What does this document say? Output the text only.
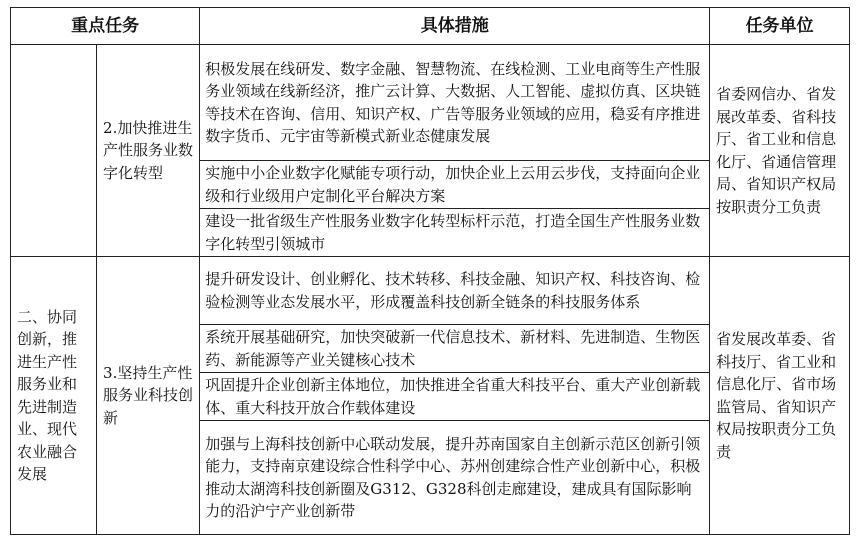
重点任务		具体措施	任务单位
	2.加快推进生产性服务业数字化转型	积极发展在线研发、数字金融、智慧物流、在线检测、工业电商等生产性服务业领域在线新经济，推广云计算、大数据、人工智能、虚拟仿真、区块链等技术在咨询、信用、知识产权、广告等服务业领域的应用，稳妥有序推进数字货币、元宇宙等新模式新业态健康发展	省委网信办、省发展改革委、省科技厅、省工业和信息化厅、省通信管理局、省知识产权局按职责分工负责
		实施中小企业数字化赋能专项行动，加快企业上云用云步伐，支持面向企业级和行业级用户定制化平台解决方案	
		建设一批省级生产性服务业数字化转型标杆示范，打造全国生产性服务业数字化转型引领城市	
二、协同创新，推进生产性服务业和先进制造业、现代农业融合发展	3.坚持生产性服务业科技创新	提升研发设计、创业孵化、技术转移、科技金融、知识产权、科技咨询、检验检测等业态发展水平，形成覆盖科技创新全链条的科技服务体系	省发展改革委、省科技厅、省工业和信息化厅、省市场监管局、省知识产权局按职责分工负责
		系统开展基础研究，加快突破新一代信息技术、新材料、先进制造、生物医药、新能源等产业关键核心技术	
		巩固提升企业创新主体地位，加快推进全省重大科技平台、重大产业创新载体、重大科技开放合作载体建设	
		加强与上海科技创新中心联动发展，提升苏南国家自主创新示范区创新引领能力，支持南京建设综合性科学中心、苏州创建综合性产业创新中心，积极推动太湖湾科技创新圈及G312、G328科创走廊建设，建成具有国际影响力的沿沪宁产业创新带	
